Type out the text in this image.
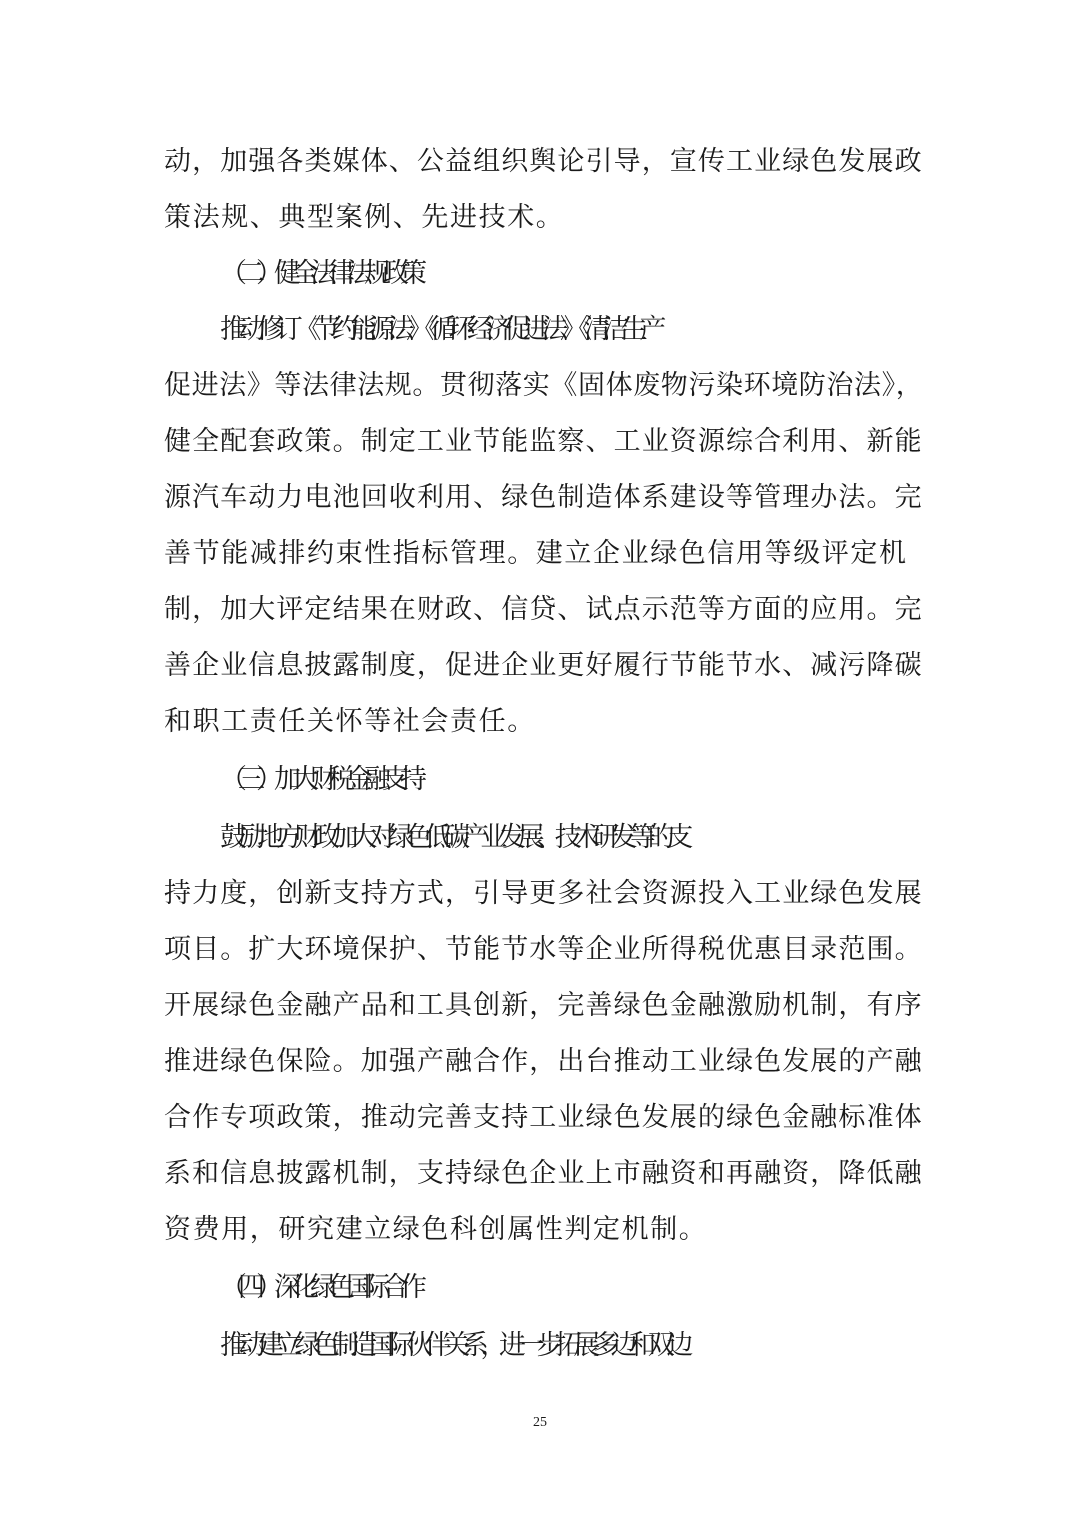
动，加强各类媒体、公益组织舆论引导，宣传工业绿色发展政
策法规、典型案例、先进技术。
（二）健全法律法规政策
推动修订《节约能源法》《循环经济促进法》《清洁生产
促进法》等法律法规。贯彻落实《固体废物污染环境防治法》，
健全配套政策。制定工业节能监察、工业资源综合利用、新能
源汽车动力电池回收利用、绿色制造体系建设等管理办法。完
善节能减排约束性指标管理。建立企业绿色信用等级评定机
制，加大评定结果在财政、信贷、试点示范等方面的应用。完
善企业信息披露制度，促进企业更好履行节能节水、减污降碳
和职工责任关怀等社会责任。
（三）加大财税金融支持
鼓励地方财政加大对绿色低碳产业发展、技术研发等的支
持力度，创新支持方式，引导更多社会资源投入工业绿色发展
项目。扩大环境保护、节能节水等企业所得税优惠目录范围。
开展绿色金融产品和工具创新，完善绿色金融激励机制，有序
推进绿色保险。加强产融合作，出台推动工业绿色发展的产融
合作专项政策，推动完善支持工业绿色发展的绿色金融标准体
系和信息披露机制，支持绿色企业上市融资和再融资，降低融
资费用，研究建立绿色科创属性判定机制。
（四）深化绿色国际合作
推动建立绿色制造国际伙伴关系，进一步拓展多边和双边
25
